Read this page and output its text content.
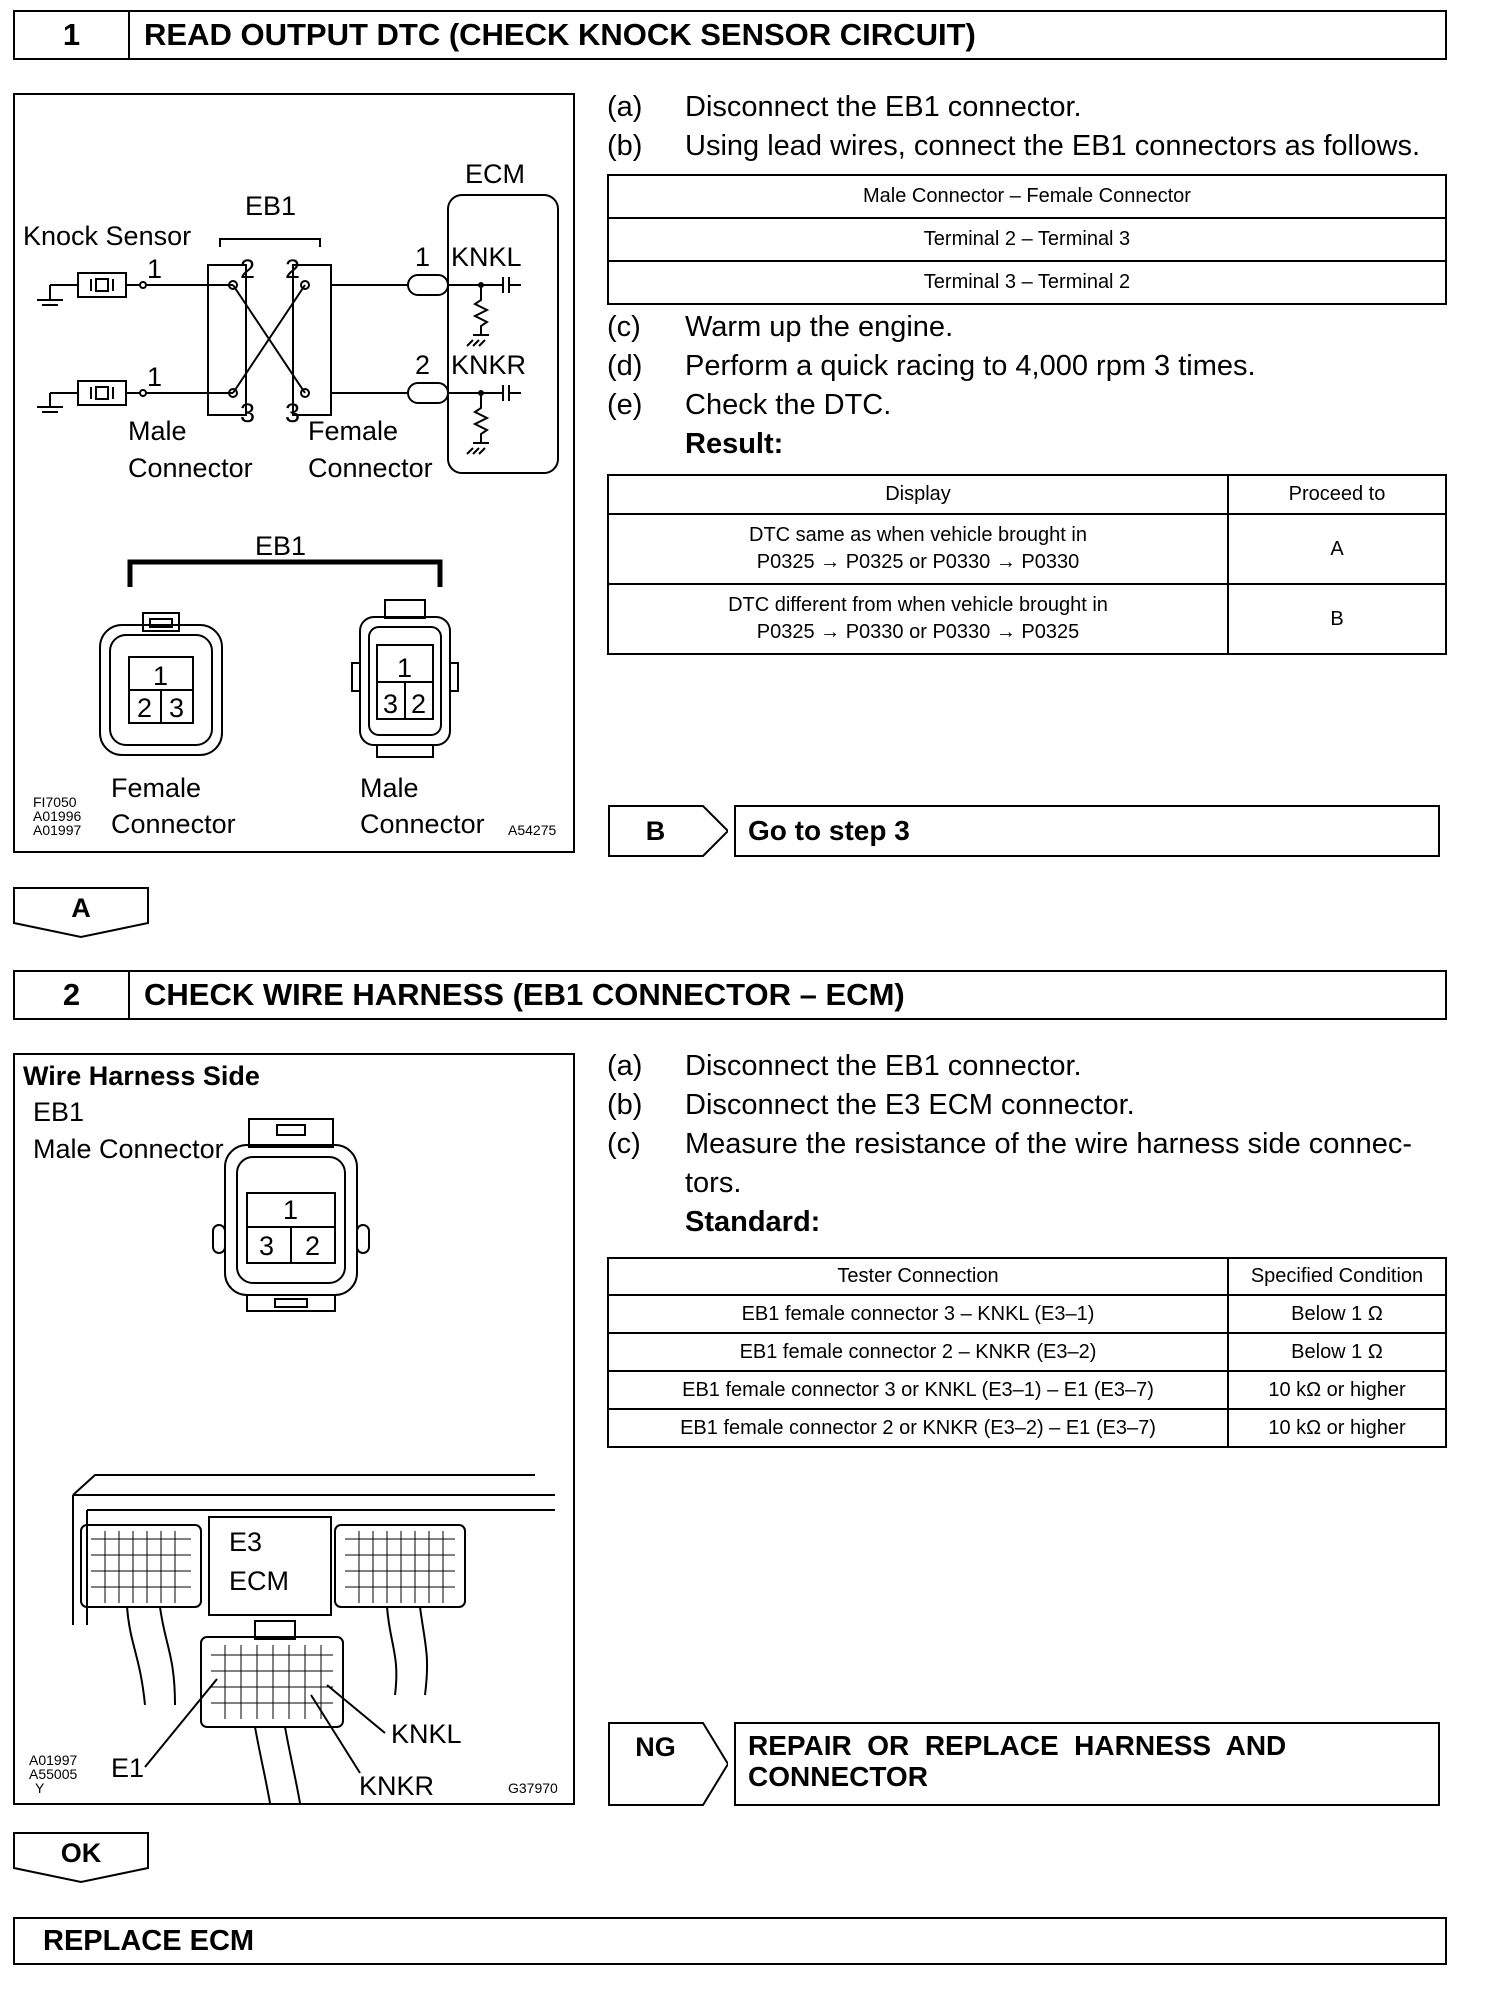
1	READ OUTPUT DTC (CHECK KNOCK SENSOR CIRCUIT)
ECM
EB1
Knock Sensor
1
1
2 2
3 3
1
2
KNKL
KNKR
Male
Connector
Female
Connector
EB1
1
2 3
1
3 2
Female
Connector
Male
Connector
FI7050
A01996
A01997	A54275
(a)	Disconnect the EB1 connector.
(b)	Using lead wires, connect the EB1 connectors as follows.
Male Connector – Female Connector
Terminal 2 – Terminal 3
Terminal 3 – Terminal 2
(c)	Warm up the engine.
(d)	Perform a quick racing to 4,000 rpm 3 times.
(e)	Check the DTC.
Result:
Display	Proceed to

DTC same as when vehicle brought in
P0325 → P0325 or P0330 → P0330	A

DTC different from when vehicle brought in
P0325 → P0330 or P0330 → P0325	B
B	Go to step 3
A
2	CHECK WIRE HARNESS (EB1 CONNECTOR – ECM)
Wire Harness Side
EB1
Male Connector
1
3 2
E3
ECM
E1
KNKL
KNKR
A01997
A55005
Y	G37970
(a)	Disconnect the EB1 connector.
(b)	Disconnect the E3 ECM connector.
(c)	Measure the resistance of the wire harness side connec-
tors.
Standard:
Tester Connection	Specified Condition
EB1 female connector 3 – KNKL (E3–1)	Below 1 Ω
EB1 female connector 2 – KNKR (E3–2)	Below 1 Ω
EB1 female connector 3 or KNKL (E3–1) – E1 (E3–7)	10 kΩ or higher
EB1 female connector 2 or KNKR (E3–2) – E1 (E3–7)	10 kΩ or higher
NG	REPAIR  OR  REPLACE  HARNESS  AND
CONNECTOR
OK
REPLACE ECM
